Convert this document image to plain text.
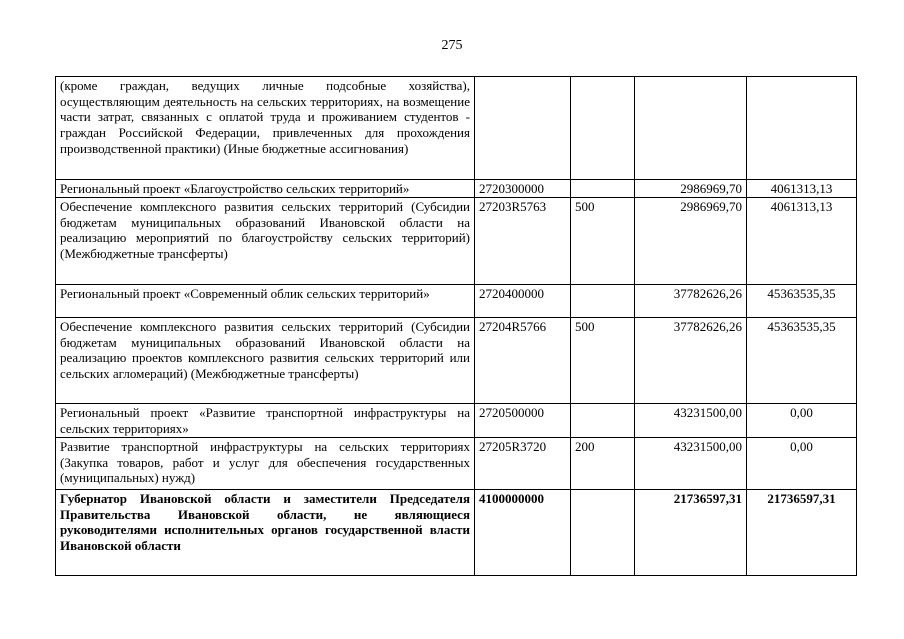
275
(кроме граждан, ведущих личные подсобные хозяйства), осуществляющим деятельность на сельских территориях, на возмещение части затрат, связанных с оплатой труда и проживанием студентов - граждан Российской Федерации, привлеченных для прохождения производственной практики) (Иные бюджетные ассигнования)				
Региональный проект «Благоустройство сельских территорий»	2720300000		2986969,70	4061313,13
Обеспечение комплексного развития сельских территорий (Субсидии бюджетам муниципальных образований Ивановской области на реализацию мероприятий по благоустройству сельских территорий) (Межбюджетные трансферты)	27203R5763	500	2986969,70	4061313,13
Региональный проект «Современный облик сельских территорий»	2720400000		37782626,26	45363535,35
Обеспечение комплексного развития сельских территорий (Субсидии бюджетам муниципальных образований Ивановской области на реализацию проектов комплексного развития сельских территорий или сельских агломераций) (Межбюджетные трансферты)	27204R5766	500	37782626,26	45363535,35
Региональный проект «Развитие транспортной инфраструктуры на сельских территориях»	2720500000		43231500,00	0,00
Развитие транспортной инфраструктуры на сельских территориях (Закупка товаров, работ и услуг для обеспечения государственных (муниципальных) нужд)	27205R3720	200	43231500,00	0,00
Губернатор Ивановской области и заместители Председателя Правительства Ивановской области, не являющиеся руководителями исполнительных органов государственной власти Ивановской области	4100000000		21736597,31	21736597,31
